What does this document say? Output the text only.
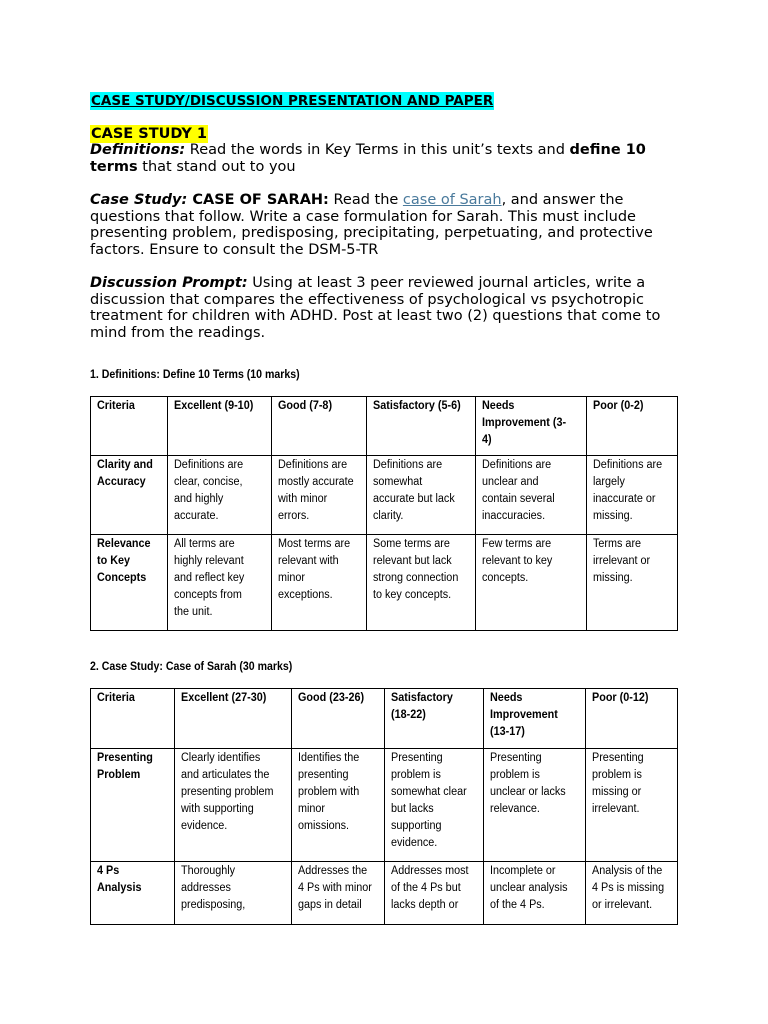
CASE STUDY/DISCUSSION PRESENTATION AND PAPER
CASE STUDY 1
Definitions: Read the words in Key Terms in this unit’s texts and define 10 terms that stand out to you
Case Study: CASE OF SARAH: Read the case of Sarah, and answer the questions that follow. Write a case formulation for Sarah. This must include presenting problem, predisposing, precipitating, perpetuating, and protective factors. Ensure to consult the DSM-5-TR
Discussion Prompt: Using at least 3 peer reviewed journal articles, write a discussion that compares the effectiveness of psychological vs psychotropic treatment for children with ADHD. Post at least two (2) questions that come to mind from the readings.
1. Definitions: Define 10 Terms (10 marks)
Criteria	Excellent (9-10)	Good (7-8)	Satisfactory (5-6)	Needs Improvement (3-4)	Poor (0-2)

Clarity and Accuracy	Definitions are clear, concise, and highly accurate.	Definitions are mostly accurate with minor errors.	Definitions are somewhat accurate but lack clarity.	Definitions are unclear and contain several inaccuracies.	Definitions are largely inaccurate or missing.

Relevance to Key Concepts	All terms are highly relevant and reflect key concepts from the unit.	Most terms are relevant with minor exceptions.	Some terms are relevant but lack strong connection to key concepts.	Few terms are relevant to key concepts.	Terms are irrelevant or missing.
2. Case Study: Case of Sarah (30 marks)
Criteria	Excellent (27-30)	Good (23-26)	Satisfactory (18-22)	Needs Improvement (13-17)	Poor (0-12)

Presenting Problem	Clearly identifies and articulates the presenting problem with supporting evidence.	Identifies the presenting problem with minor omissions.	Presenting problem is somewhat clear but lacks supporting evidence.	Presenting problem is unclear or lacks relevance.	Presenting problem is missing or irrelevant.

4 Ps Analysis	Thoroughly addresses predisposing,	Addresses the 4 Ps with minor gaps in detail	Addresses most of the 4 Ps but lacks depth or	Incomplete or unclear analysis of the 4 Ps.	Analysis of the 4 Ps is missing or irrelevant.
